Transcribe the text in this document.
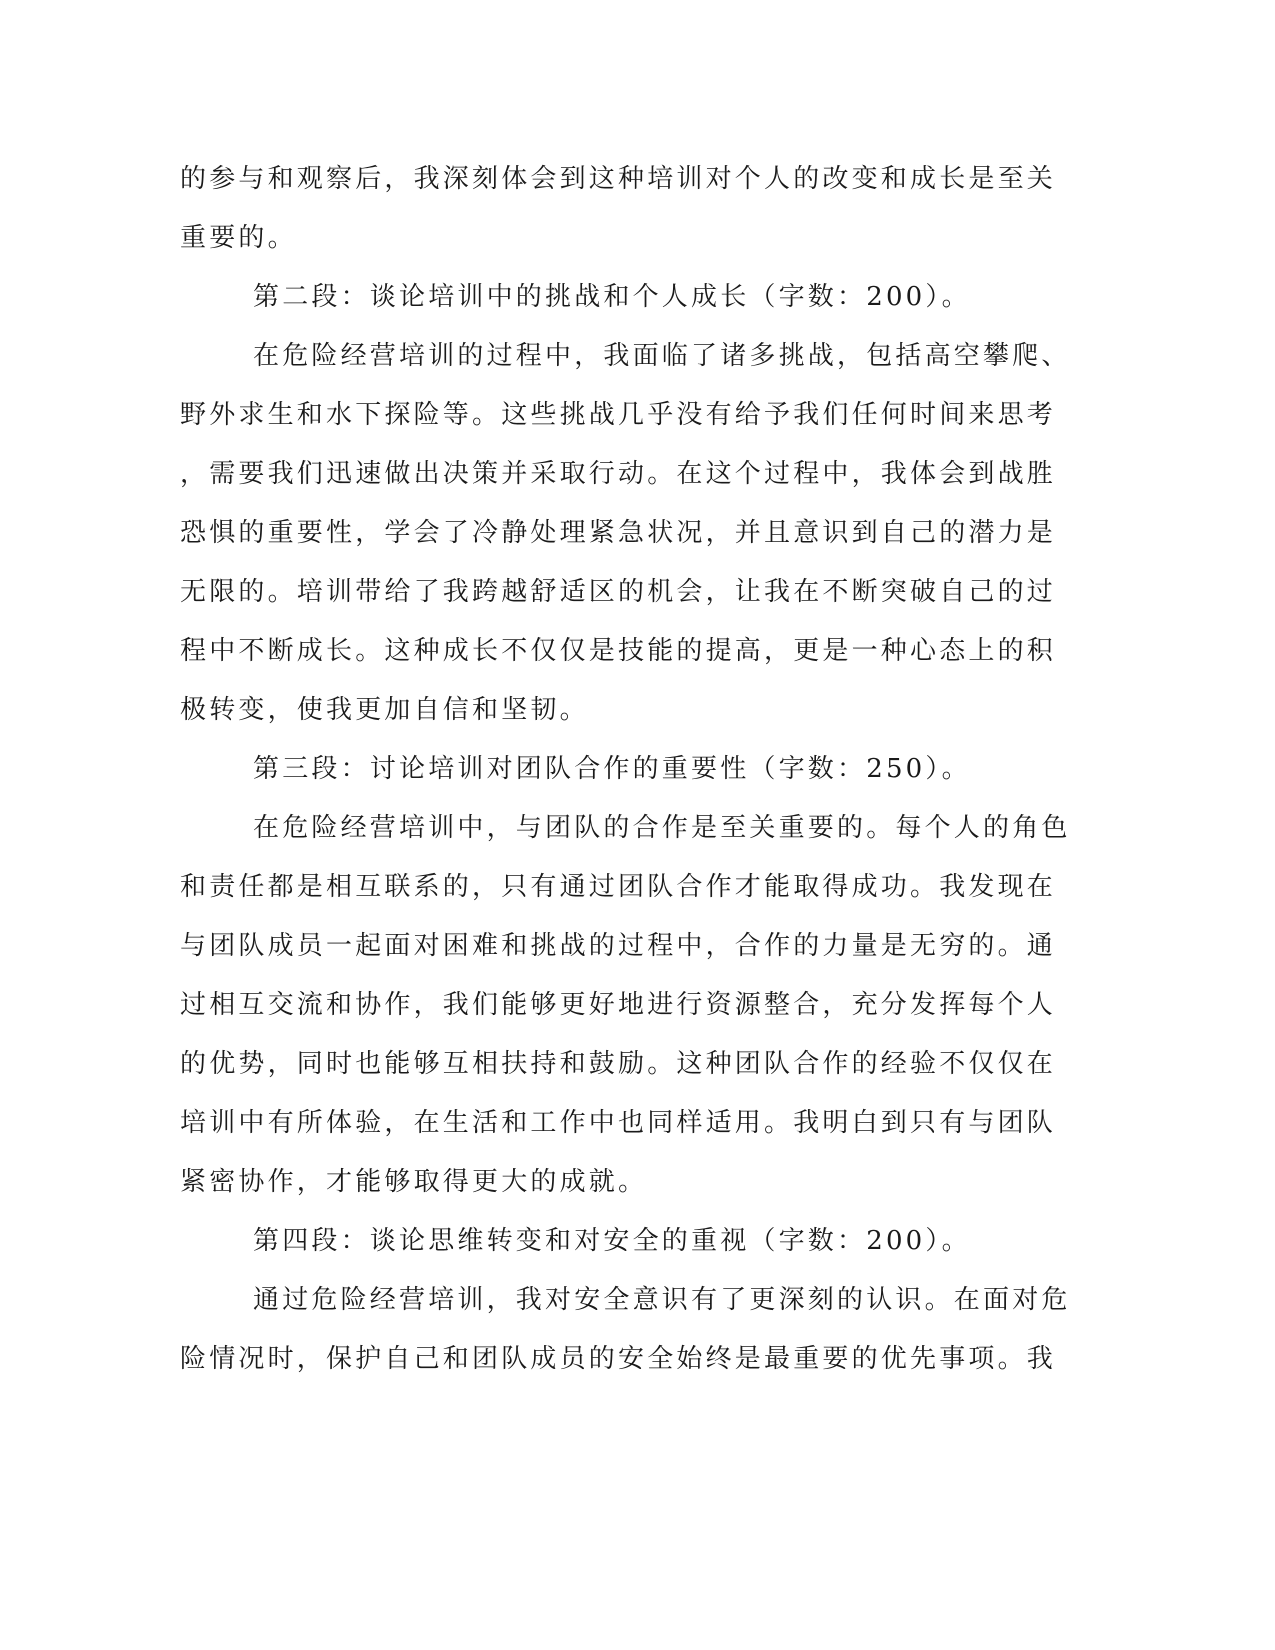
的参与和观察后，我深刻体会到这种培训对个人的改变和成长是至关
重要的。
第二段：谈论培训中的挑战和个人成长（字数：200）。
在危险经营培训的过程中，我面临了诸多挑战，包括高空攀爬、
野外求生和水下探险等。这些挑战几乎没有给予我们任何时间来思考
，需要我们迅速做出决策并采取行动。在这个过程中，我体会到战胜
恐惧的重要性，学会了冷静处理紧急状况，并且意识到自己的潜力是
无限的。培训带给了我跨越舒适区的机会，让我在不断突破自己的过
程中不断成长。这种成长不仅仅是技能的提高，更是一种心态上的积
极转变，使我更加自信和坚韧。
第三段：讨论培训对团队合作的重要性（字数：250）。
在危险经营培训中，与团队的合作是至关重要的。每个人的角色
和责任都是相互联系的，只有通过团队合作才能取得成功。我发现在
与团队成员一起面对困难和挑战的过程中，合作的力量是无穷的。通
过相互交流和协作，我们能够更好地进行资源整合，充分发挥每个人
的优势，同时也能够互相扶持和鼓励。这种团队合作的经验不仅仅在
培训中有所体验，在生活和工作中也同样适用。我明白到只有与团队
紧密协作，才能够取得更大的成就。
第四段：谈论思维转变和对安全的重视（字数：200）。
通过危险经营培训，我对安全意识有了更深刻的认识。在面对危
险情况时，保护自己和团队成员的安全始终是最重要的优先事项。我
